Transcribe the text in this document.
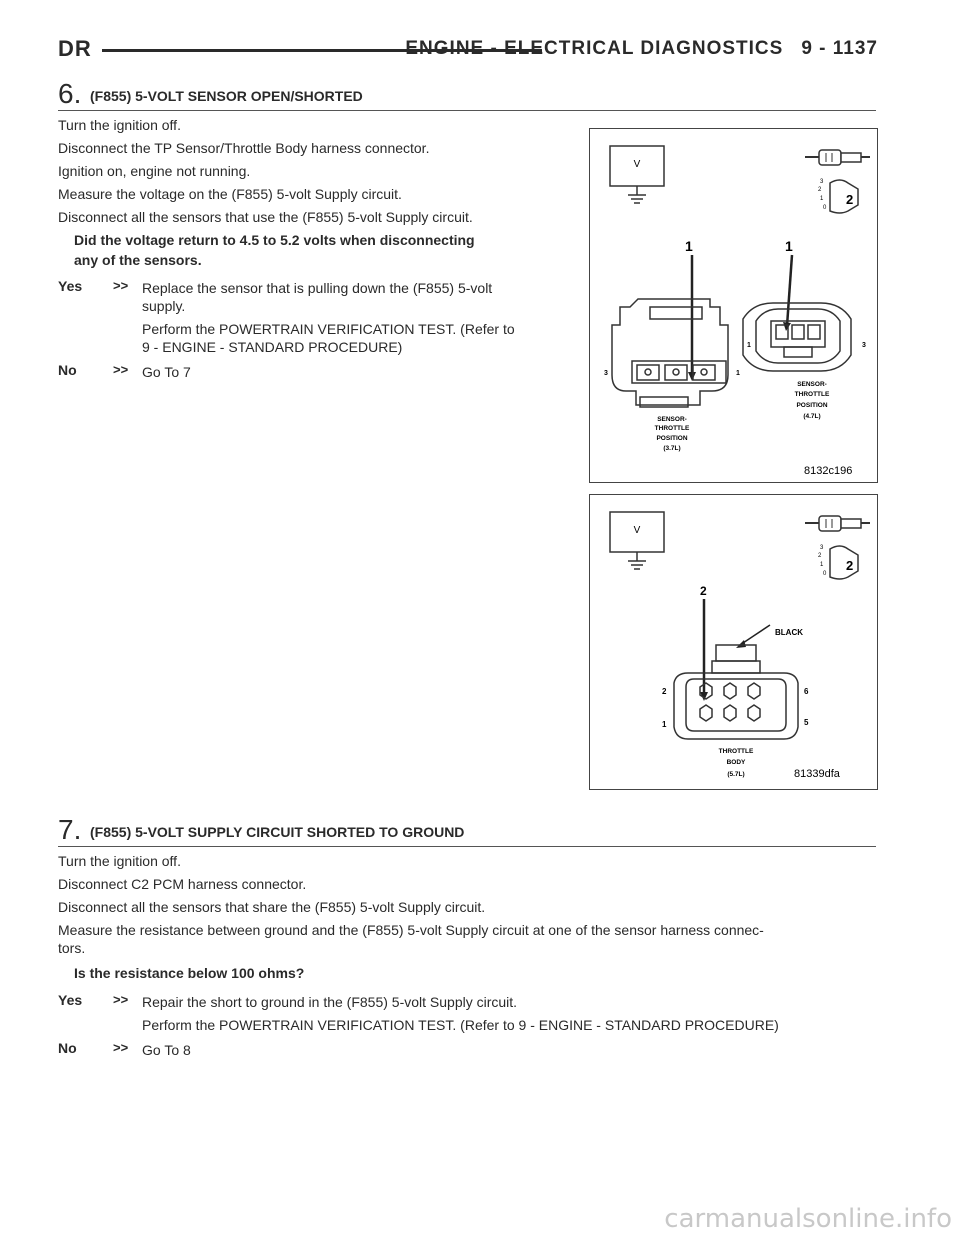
DR	ENGINE - ELECTRICAL DIAGNOSTICS 9 - 1137
6. (F855) 5-VOLT SENSOR OPEN/SHORTED
Turn the ignition off.
Disconnect the TP Sensor/Throttle Body harness connector.
Ignition on, engine not running.
Measure the voltage on the (F855) 5-volt Supply circuit.
Disconnect all the sensors that use the (F855) 5-volt Supply circuit.
Did the voltage return to 4.5 to 5.2 volts when disconnecting
any of the sensors.
Yes >> Replace the sensor that is pulling down the (F855) 5-volt
supply.
Perform the POWERTRAIN VERIFICATION TEST. (Refer to
9 - ENGINE - STANDARD PROCEDURE)
No	>> Go To 7
V
3
2
1
0
2
1
3	1
SENSOR-
THROTTLE
POSITION
(3.7L)
1
1	3
SENSOR-
THROTTLE
POSITION
(4.7L)
8132c196
V
3
2
1
0
2
2
BLACK
2
1
6
5
THROTTLE
BODY
(5.7L)	81339dfa
7. (F855) 5-VOLT SUPPLY CIRCUIT SHORTED TO GROUND
Turn the ignition off.
Disconnect C2 PCM harness connector.
Disconnect all the sensors that share the (F855) 5-volt Supply circuit.
Measure the resistance between ground and the (F855) 5-volt Supply circuit at one of the sensor harness connec-
tors.
Is the resistance below 100 ohms?
Yes >> Repair the short to ground in the (F855) 5-volt Supply circuit.
Perform the POWERTRAIN VERIFICATION TEST. (Refer to 9 - ENGINE - STANDARD PROCEDURE)
No	>> Go To 8
carmanualsonline.info
